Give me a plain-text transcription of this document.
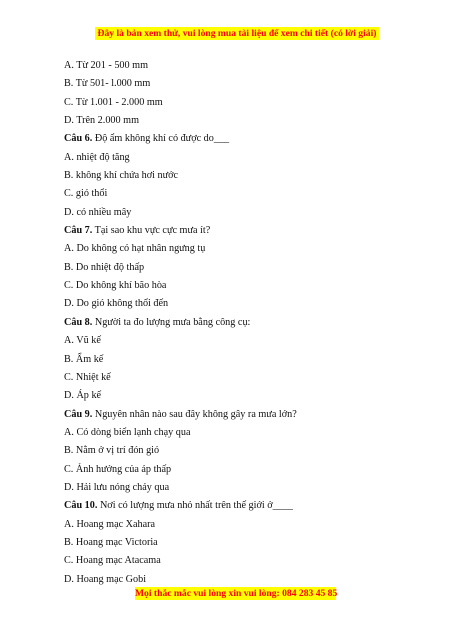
Đây là bản xem thử, vui lòng mua tài liệu để xem chi tiết (có lời giải)
A. Từ 201 - 500 mm
B. Từ 501- l.000 mm
C. Từ 1.001 - 2.000 mm
D. Trên 2.000 mm
Câu 6. Độ ẩm không khí có được do___
A. nhiệt độ tăng
B. không khí chứa hơi nước
C. gió thổi
D. có nhiều mây
Câu 7. Tại sao khu vực cực mưa ít?
A. Do không có hạt nhân ngưng tụ
B. Do nhiệt độ thấp
C. Do không khí bão hòa
D. Do gió không thổi đến
Câu 8. Người ta đo lượng mưa bằng công cụ:
A. Vũ kế
B. Ẩm kế
C. Nhiệt kế
D. Áp kế
Câu 9. Nguyên nhân nào sau đây không gây ra mưa lớn?
A. Có dòng biển lạnh chạy qua
B. Nằm ở vị trí đón gió
C. Ảnh hưởng của áp thấp
D. Hải lưu nóng chảy qua
Câu 10. Nơi có lượng mưa nhỏ nhất trên thế giới ở____
A. Hoang mạc Xahara
B. Hoang mạc Victoria
C. Hoang mạc Atacama
D. Hoang mạc Gobi
Mọi thắc mắc vui lòng xin vui lòng: 084 283 45 85
